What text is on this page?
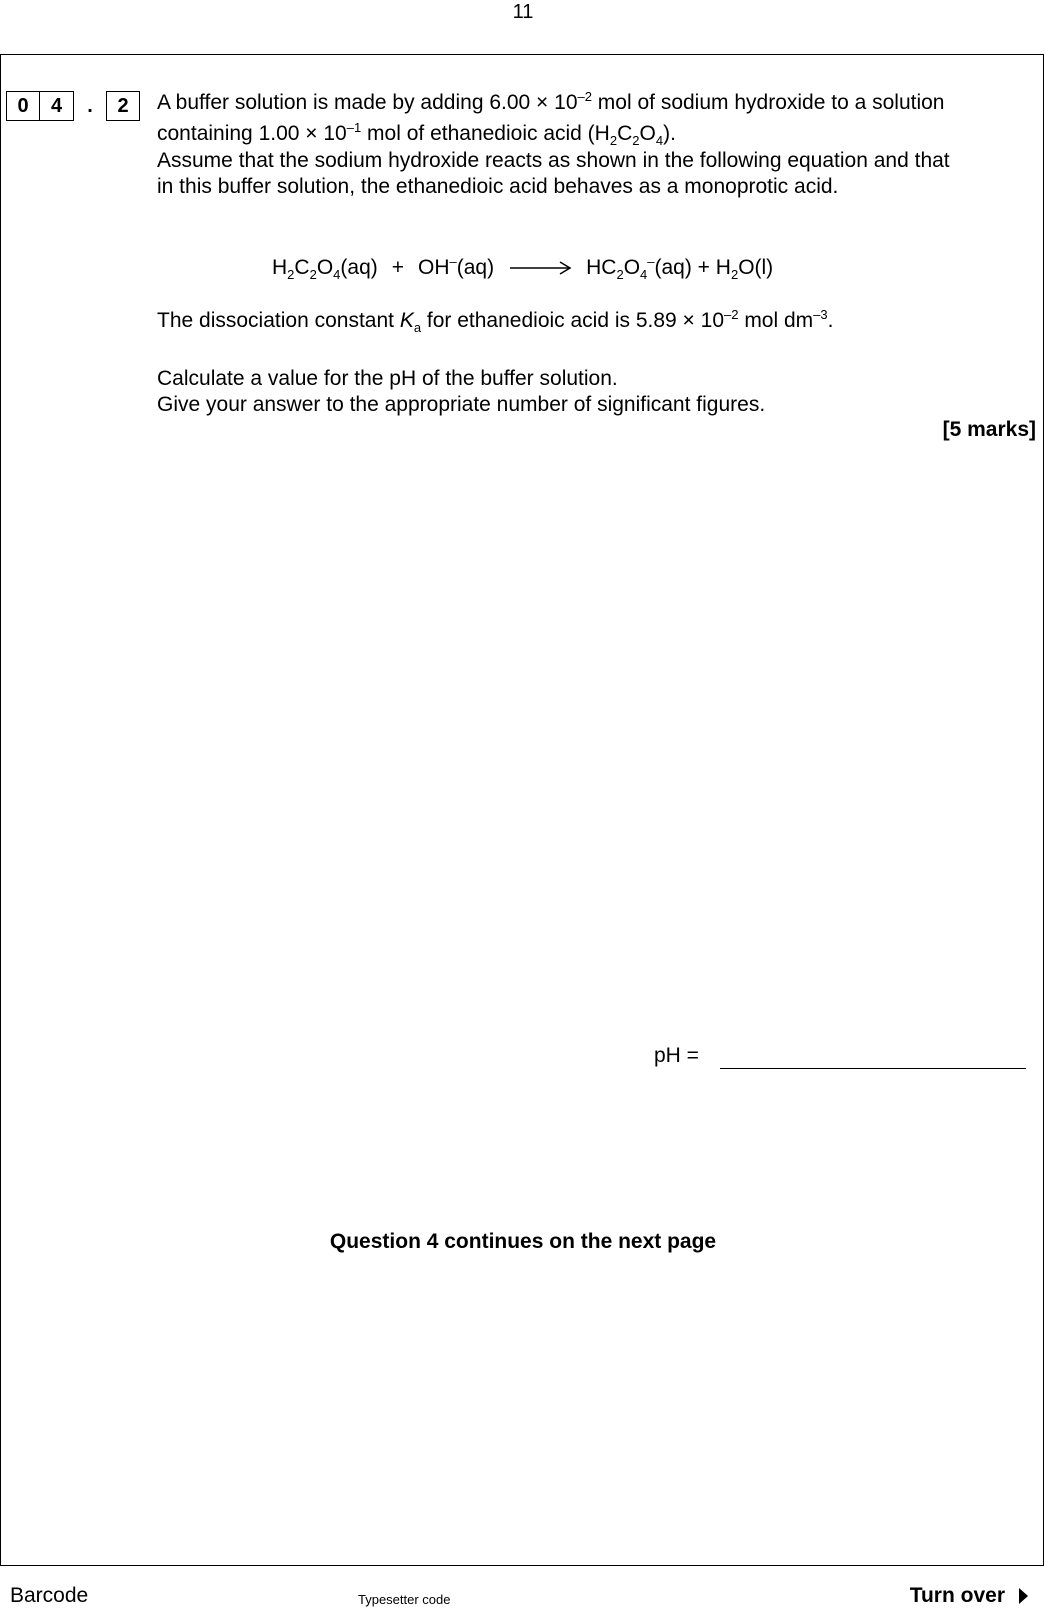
11
0	4	.	2	A buffer solution is made by adding $6.00 \times 10^{-2}$ mol of sodium hydroxide to a solution
containing $1.00 \times 10^{-1}$ mol of ethanedioic acid $(H_2C_2O_4)$.
Assume that the sodium hydroxide reacts as shown in the following equation and that
in this buffer solution, the ethanedioic acid behaves as a monoprotic acid.
$H_2C_2O_4(aq) + OH^-(aq)$	$HC_2O_4^-(aq) + H_2O(l)$
The dissociation constant $K_a$ for ethanedioic acid is $5.89 \times 10^{-2}$ mol $dm^{-3}$.
Calculate a value for the pH of the buffer solution.
Give your answer to the appropriate number of significant figures.
[5 marks]
pH =
Question 4 continues on the next page
Barcode	Typesetter code	Turn over
